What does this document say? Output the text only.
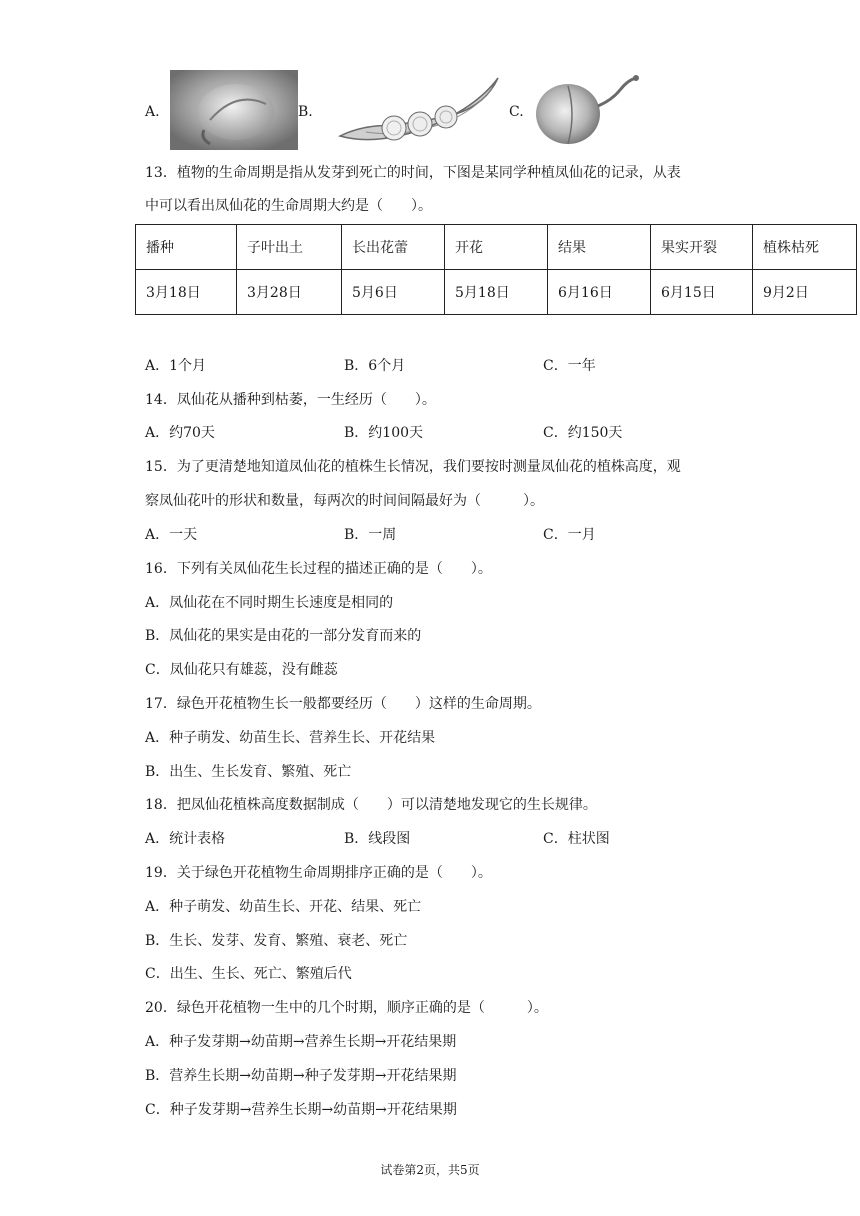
A.	B.	C.
13．植物的生命周期是指从发芽到死亡的时间，下图是某同学种植凤仙花的记录，从表
中可以看出凤仙花的生命周期大约是（　　）。
播种	子叶出土	长出花蕾	开花	结果	果实开裂	植株枯死
3月18日	3月28日	5月6日	5月18日	6月16日	6月15日	9月2日
A．1个月	B．6个月	C．一年
14．凤仙花从播种到枯萎，一生经历（　　）。
A．约70天	B．约100天	C．约150天
15．为了更清楚地知道凤仙花的植株生长情况，我们要按时测量凤仙花的植株高度，观
察凤仙花叶的形状和数量，每两次的时间间隔最好为（　　　）。
A．一天	B．一周	C．一月
16．下列有关凤仙花生长过程的描述正确的是（　　）。
A．凤仙花在不同时期生长速度是相同的
B．凤仙花的果实是由花的一部分发育而来的
C．凤仙花只有雄蕊，没有雌蕊
17．绿色开花植物生长一般都要经历（　　）这样的生命周期。
A．种子萌发、幼苗生长、营养生长、开花结果
B．出生、生长发育、繁殖、死亡
18．把凤仙花植株高度数据制成（　　）可以清楚地发现它的生长规律。
A．统计表格	B．线段图	C．柱状图
19．关于绿色开花植物生命周期排序正确的是（　　）。
A．种子萌发、幼苗生长、开花、结果、死亡
B．生长、发芽、发育、繁殖、衰老、死亡
C．出生、生长、死亡、繁殖后代
20．绿色开花植物一生中的几个时期，顺序正确的是（　　　）。
A．种子发芽期→幼苗期→营养生长期→开花结果期
B．营养生长期→幼苗期→种子发芽期→开花结果期
C．种子发芽期→营养生长期→幼苗期→开花结果期
试卷第2页，共5页
